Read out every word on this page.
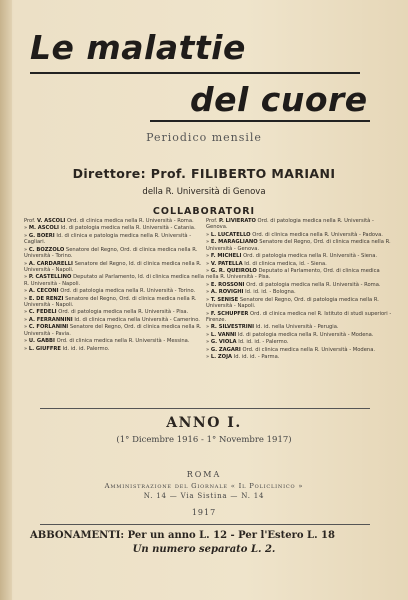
Le malattie
del cuore
Periodico mensile
Direttore: Prof. FILIBERTO MARIANI
della R. Università di Genova
COLLABORATORI
Prof. V. ASCOLI Ord. di clinica medica nella R. Università - Roma.
» M. ASCOLI Id. di patologia medica nella R. Università - Catania.
» G. BOERI Id. di clinica e patologia medica nella R. Università - Cagliari.
» C. BOZZOLO Senatore del Regno, Ord. di clinica medica nella R. Università - Torino.
» A. CARDARELLI Senatore del Regno, Id. di clinica medica nella R. Università - Napoli.
» P. CASTELLINO Deputato al Parlamento, Id. di clinica medica nella R. Università - Napoli.
» A. CECONI Ord. di patologia medica nella R. Università - Torino.
» E. DE RENZI Senatore del Regno, Ord. di clinica medica nella R. Università - Napoli.
» C. FEDELI Ord. di patologia medica nella R. Università - Pisa.
» A. FERRANNINI Id. di clinica medica nella Università - Camerino.
» C. FORLANINI Senatore del Regno, Ord. di clinica medica nella R. Università - Pavia.
» U. GABBI Ord. di clinica medica nella R. Università - Messina.
» L. GIUFFRE Id. id. id. Palermo.
Prof. P. LIVIERATO Ord. di patologia medica nella R. Università - Genova.
» L. LUCATELLO Ord. di clinica medica nella R. Università - Padova.
» E. MARAGLIANO Senatore del Regno, Ord. di clinica medica nella R. Università - Genova.
» F. MICHELI Ord. di patologia medica nella R. Università - Siena.
» V. PATELLA Id. di clinica medica, id. - Siena.
» G. R. QUEIROLO Deputato al Parlamento, Ord. di clinica medica nella R. Università - Pisa.
» E. ROSSONI Ord. di patologia medica nella R. Università - Roma.
» A. ROVIGHI Id. id. id. - Bologna.
» T. SENISE Senatore del Regno, Ord. di patologia medica nella R. Università - Napoli.
» F. SCHUPFER Ord. di clinica medica nel R. Istituto di studi superiori - Firenze.
» R. SILVESTRINI Id. id. nella Università - Perugia.
» L. VANNI Id. di patologia medica nella R. Università - Modena.
» G. VIOLA Id. id. id. - Palermo.
» G. ZAGARI Ord. di clinica medica nella R. Università - Modena.
» L. ZOJA Id. id. id. - Parma.
ANNO I.
(1° Dicembre 1916 - 1° Novembre 1917)
ROMA
Amministrazione del Giornale « Il Policlinico »
N. 14 — Via Sistina — N. 14
1917
ABBONAMENTI: Per un anno L. 12 - Per l'Estero L. 18
Un numero separato L. 2.
